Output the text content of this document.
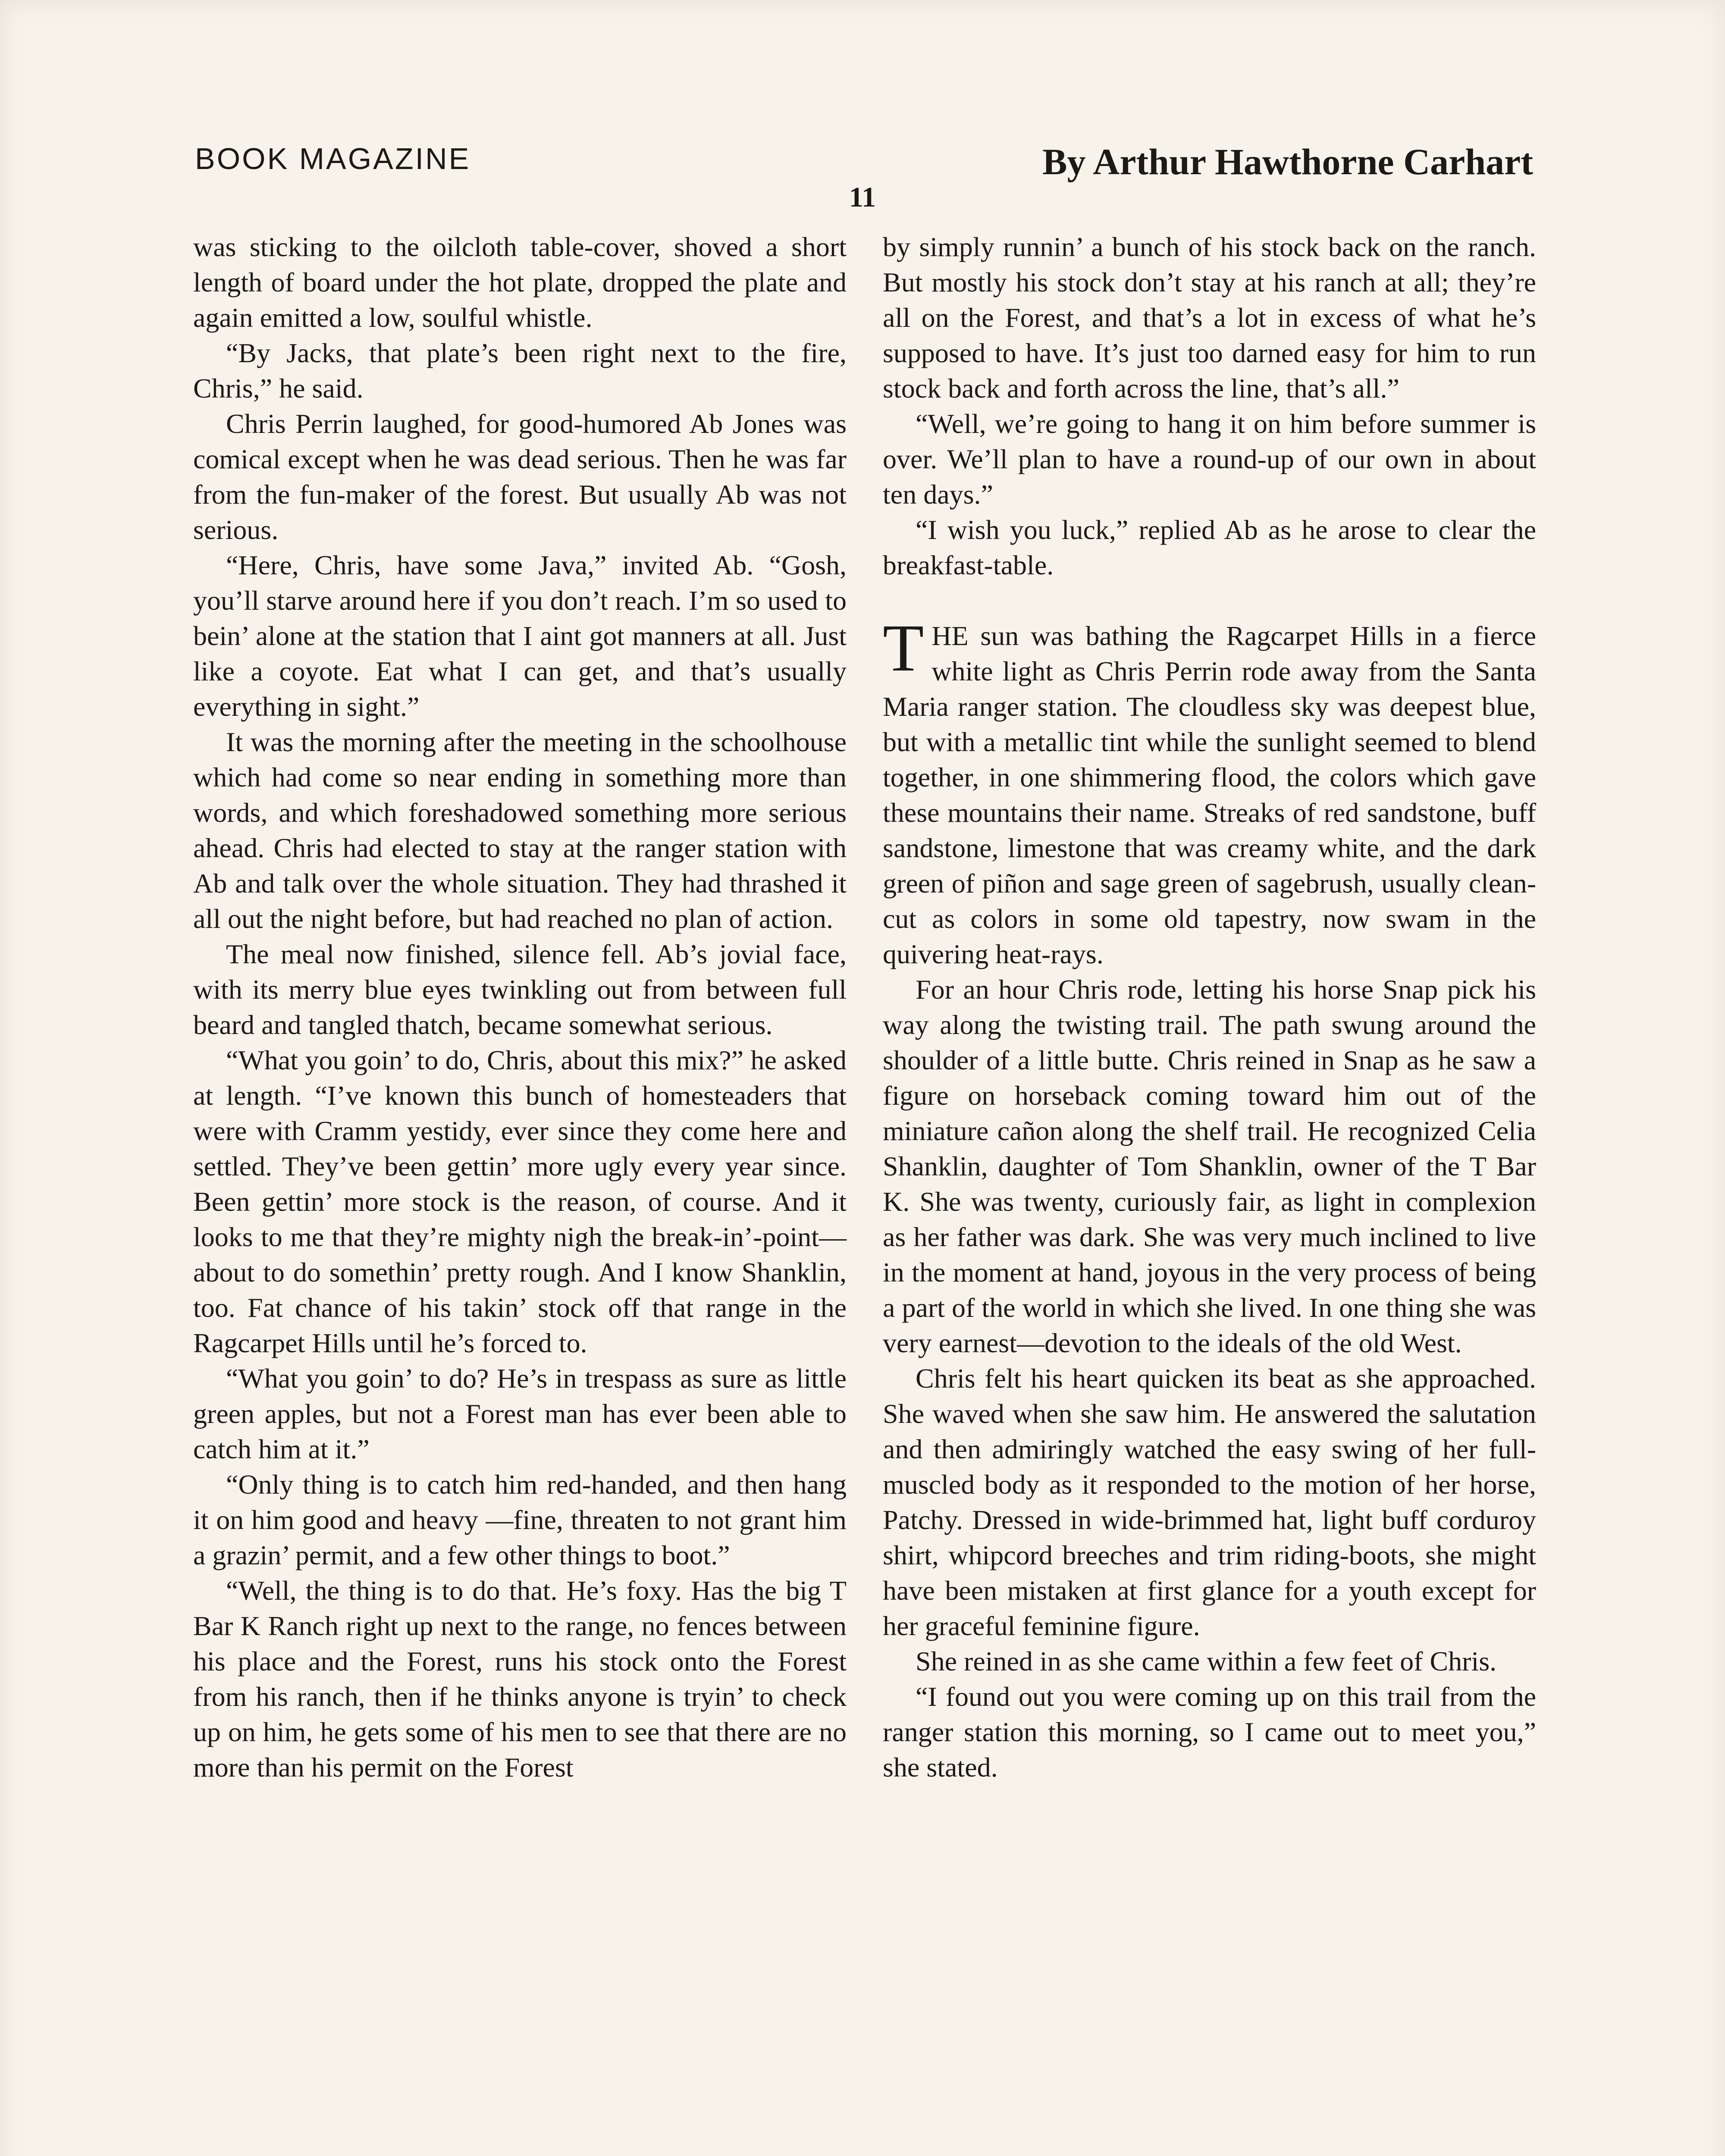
BOOK MAGAZINE	By Arthur Hawthorne Carhart
11

was sticking to the oilcloth table-cover, shoved a short length of board under the hot plate, dropped the plate and again emitted a low, soulful whistle.

“By Jacks, that plate’s been right next to the fire, Chris,” he said.

Chris Perrin laughed, for good-humored Ab Jones was comical except when he was dead serious. Then he was far from the fun-maker of the forest. But usually Ab was not serious.

“Here, Chris, have some Java,” invited Ab. “Gosh, you’ll starve around here if you don’t reach. I’m so used to bein’ alone at the station that I aint got manners at all. Just like a coyote. Eat what I can get, and that’s usually everything in sight.”

It was the morning after the meeting in the schoolhouse which had come so near ending in something more than words, and which foreshadowed something more serious ahead. Chris had elected to stay at the ranger station with Ab and talk over the whole situation. They had thrashed it all out the night before, but had reached no plan of action.

The meal now finished, silence fell. Ab’s jovial face, with its merry blue eyes twinkling out from between full beard and tangled thatch, became somewhat serious.

“What you goin’ to do, Chris, about this mix?” he asked at length. “I’ve known this bunch of homesteaders that were with Cramm yestidy, ever since they come here and settled. They’ve been gettin’ more ugly every year since. Been gettin’ more stock is the reason, of course. And it looks to me that they’re mighty nigh the break-in’-point—about to do somethin’ pretty rough. And I know Shanklin, too. Fat chance of his takin’ stock off that range in the Ragcarpet Hills until he’s forced to.

“What you goin’ to do? He’s in trespass as sure as little green apples, but not a Forest man has ever been able to catch him at it.”

“Only thing is to catch him red-handed, and then hang it on him good and heavy —fine, threaten to not grant him a grazin’ permit, and a few other things to boot.”

“Well, the thing is to do that. He’s foxy. Has the big T Bar K Ranch right up next to the range, no fences between his place and the Forest, runs his stock onto the Forest from his ranch, then if he thinks anyone is tryin’ to check up on him, he gets some of his men to see that there are no more than his permit on the Forest

by simply runnin’ a bunch of his stock back on the ranch. But mostly his stock don’t stay at his ranch at all; they’re all on the Forest, and that’s a lot in excess of what he’s supposed to have. It’s just too darned easy for him to run stock back and forth across the line, that’s all.”

“Well, we’re going to hang it on him before summer is over. We’ll plan to have a round-up of our own in about ten days.”

“I wish you luck,” replied Ab as he arose to clear the breakfast-table.

THE sun was bathing the Ragcarpet Hills in a fierce white light as Chris Perrin rode away from the Santa Maria ranger station. The cloudless sky was deepest blue, but with a metallic tint while the sunlight seemed to blend together, in one shimmering flood, the colors which gave these mountains their name. Streaks of red sandstone, buff sandstone, limestone that was creamy white, and the dark green of piñon and sage green of sagebrush, usually clean-cut as colors in some old tapestry, now swam in the quivering heat-rays.

For an hour Chris rode, letting his horse Snap pick his way along the twisting trail. The path swung around the shoulder of a little butte. Chris reined in Snap as he saw a figure on horseback coming toward him out of the miniature cañon along the shelf trail. He recognized Celia Shanklin, daughter of Tom Shanklin, owner of the T Bar K. She was twenty, curiously fair, as light in complexion as her father was dark. She was very much inclined to live in the moment at hand, joyous in the very process of being a part of the world in which she lived. In one thing she was very earnest—devotion to the ideals of the old West.

Chris felt his heart quicken its beat as she approached. She waved when she saw him. He answered the salutation and then admiringly watched the easy swing of her full-muscled body as it responded to the motion of her horse, Patchy. Dressed in wide-brimmed hat, light buff corduroy shirt, whipcord breeches and trim riding-boots, she might have been mistaken at first glance for a youth except for her graceful feminine figure.

She reined in as she came within a few feet of Chris.

“I found out you were coming up on this trail from the ranger station this morning, so I came out to meet you,” she stated.
